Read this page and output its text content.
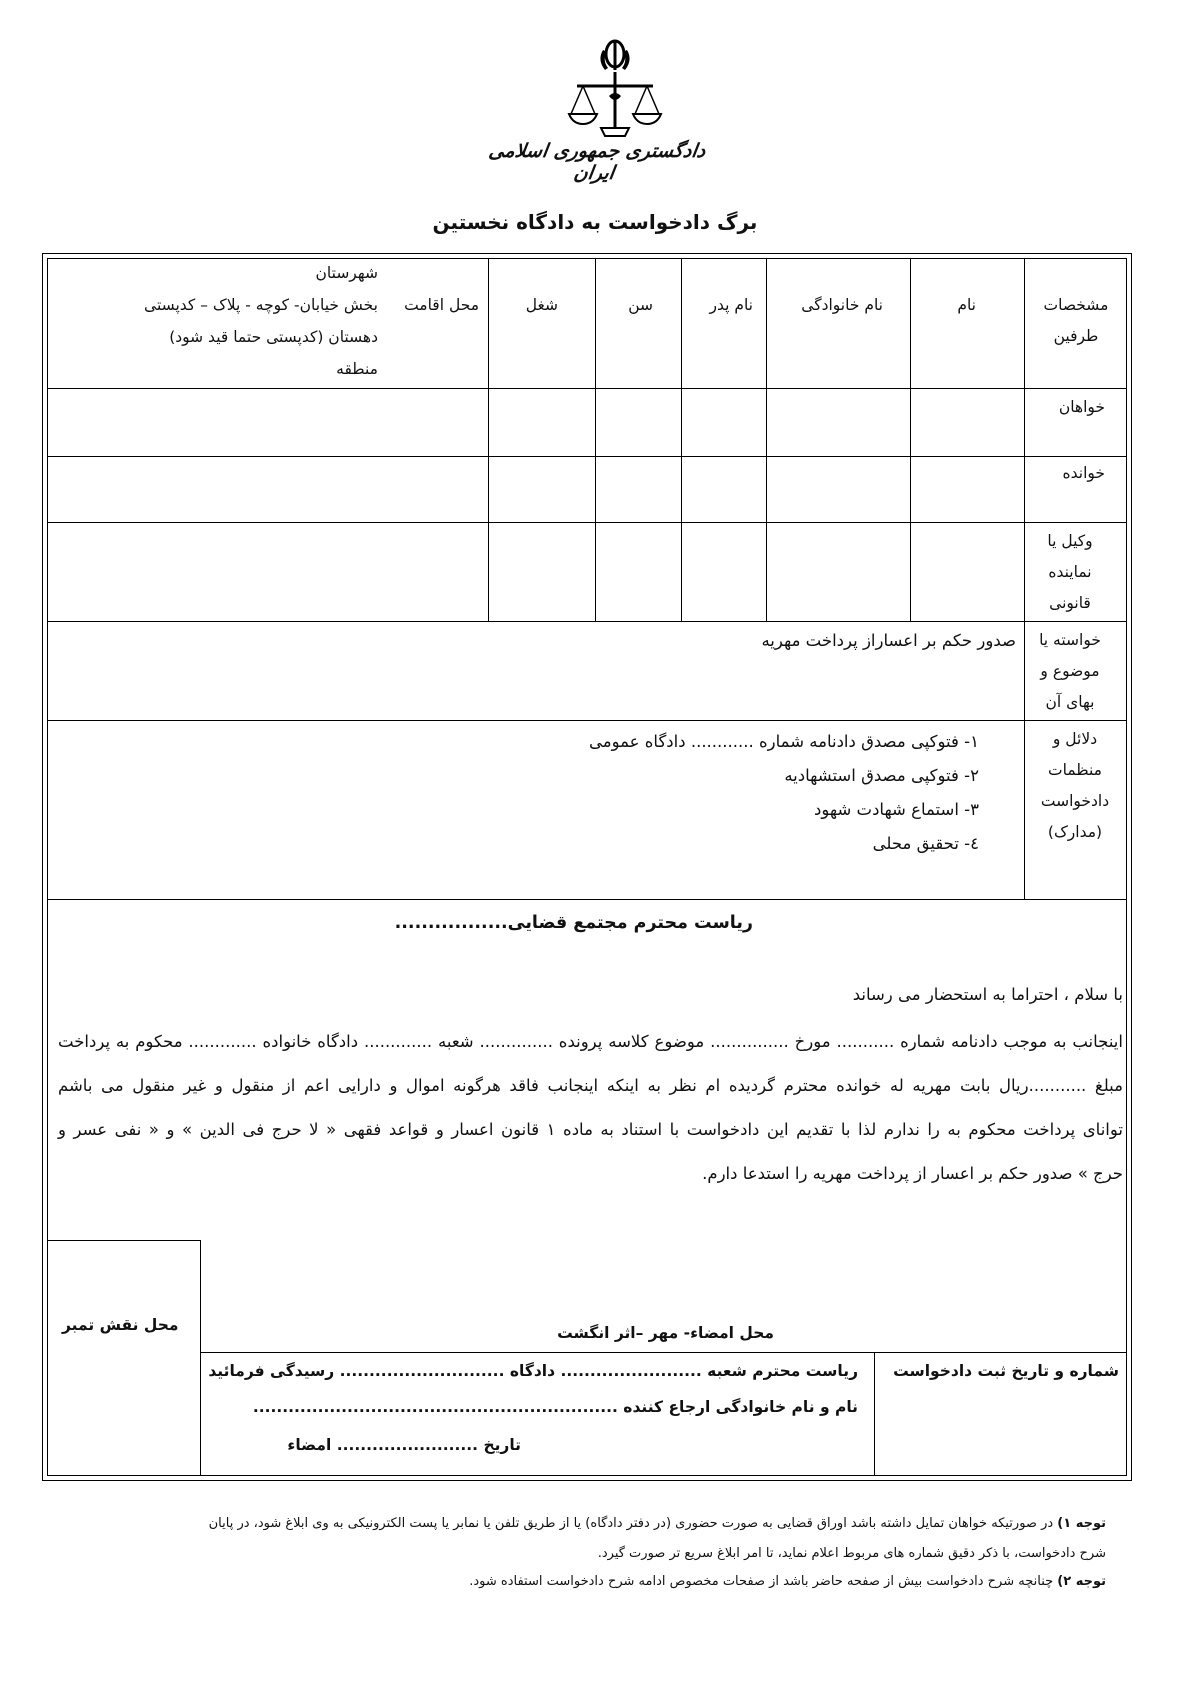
دادگستری جمهوری اسلامی ایران
برگ دادخواست به دادگاه نخستین
مشخصات طرفین
نام
نام خانوادگی
نام پدر
سن
شغل
محل اقامت
شهرستان
بخش خیابان- کوچه - پلاک – کدپستی
دهستان (کدپستی حتما قید شود)
منطقه
خواهان
خوانده
وکیل یا نماینده قانونی
خواسته یا موضوع و بهای آن
صدور حکم بر اعساراز پرداخت مهریه
دلائل و منظمات دادخواست (مدارک)
١- فتوکپی مصدق دادنامه شماره ............ دادگاه عمومی
٢- فتوکپی مصدق استشهادیه
٣- استماع شهادت شهود
٤- تحقیق محلی
ریاست محترم مجتمع قضایی.................
با سلام ، احتراما به استحضار می رساند
اینجانب به موجب دادنامه شماره ........... مورخ ............... موضوع کلاسه پرونده .............. شعبه ............. دادگاه خانواده ............. محکوم به پرداخت
مبلغ ...........ریال بابت مهریه له خوانده محترم گردیده ام نظر به اینکه اینجانب فاقد هرگونه اموال و دارایی اعم از منقول و غیر منقول می باشم
توانای پرداخت محکوم به را ندارم لذا با تقدیم این دادخواست با استناد به ماده ١ قانون اعسار و قواعد فقهی « لا حرج فی الدین » و « نفی عسر و
حرج » صدور حکم بر اعسار از پرداخت مهریه را استدعا دارم.
محل نقش تمبر	محل امضاء- مهر –اثر انگشت
شماره و تاریخ ثبت دادخواست
ریاست محترم شعبه ........................ دادگاه ............................ رسیدگی فرمائید
نام و نام خانوادگی ارجاع کننده ..............................................................
تاریخ ........................ امضاء
توجه ١) در صورتیکه خواهان تمایل داشته باشد اوراق قضایی به صورت حضوری (در دفتر دادگاه) یا از طریق تلفن یا نمابر یا پست الکترونیکی به وی ابلاغ شود، در پایان
شرح دادخواست، با ذکر دقیق شماره های مربوط اعلام نماید، تا امر ابلاغ سریع تر صورت گیرد.
توجه ٢) چنانچه شرح دادخواست بیش از صفحه حاضر باشد از صفحات مخصوص ادامه شرح دادخواست استفاده شود.
